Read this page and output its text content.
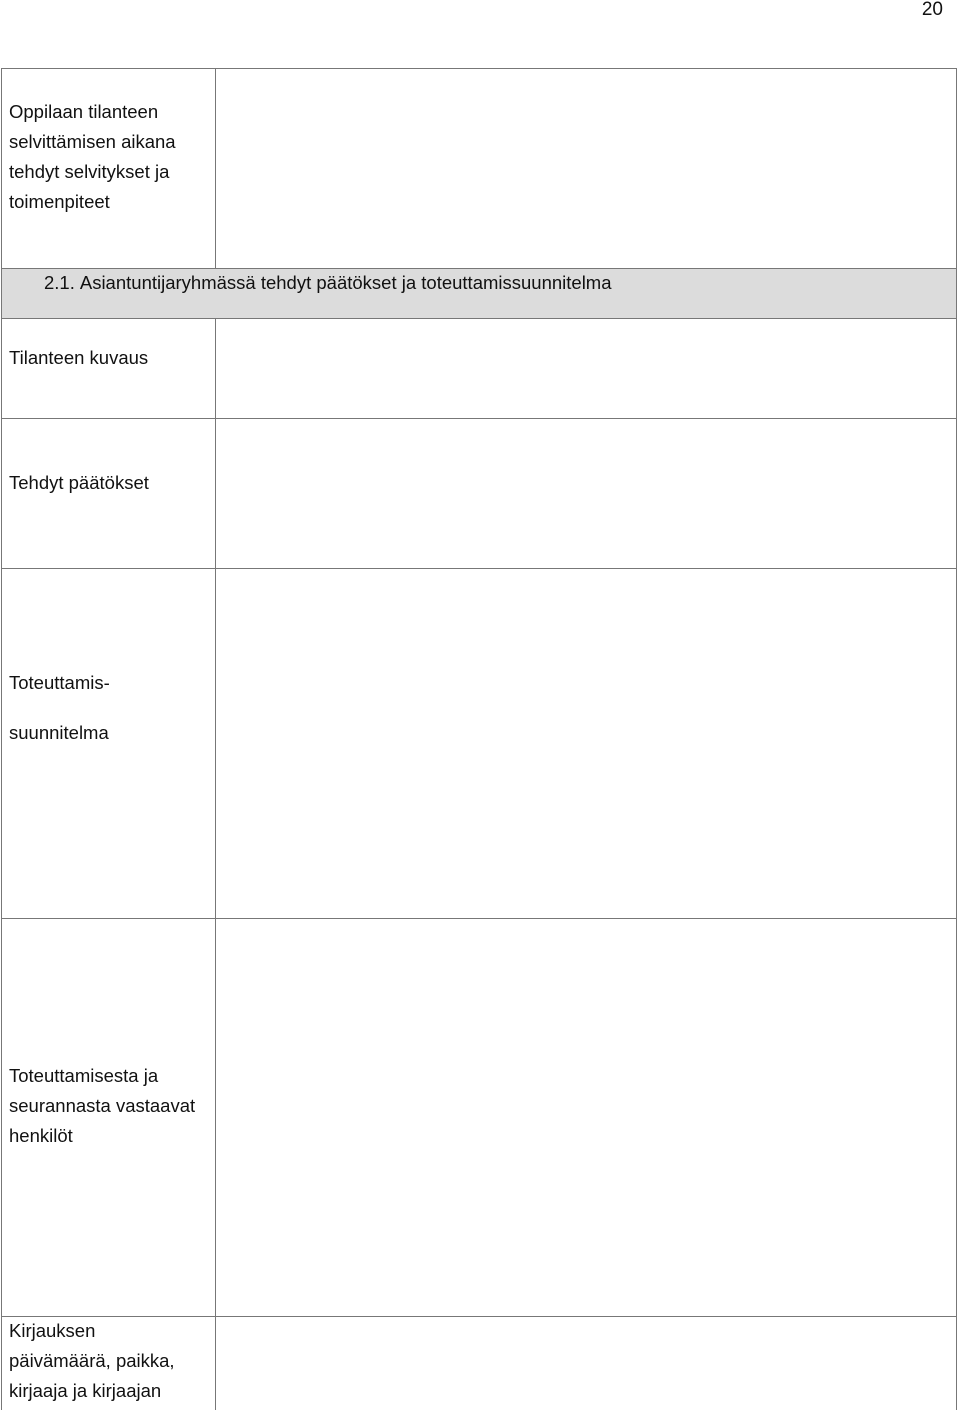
20
Oppilaan tilanteen
selvittämisen aikana
tehdyt selvitykset ja
toimenpiteet
2.1. Asiantuntijaryhmässä tehdyt päätökset ja toteuttamissuunnitelma
Tilanteen kuvaus
Tehdyt päätökset
Toteuttamis-
suunnitelma
Toteuttamisesta ja
seurannasta vastaavat
henkilöt
Kirjauksen
päivämäärä, paikka,
kirjaaja ja kirjaajan
